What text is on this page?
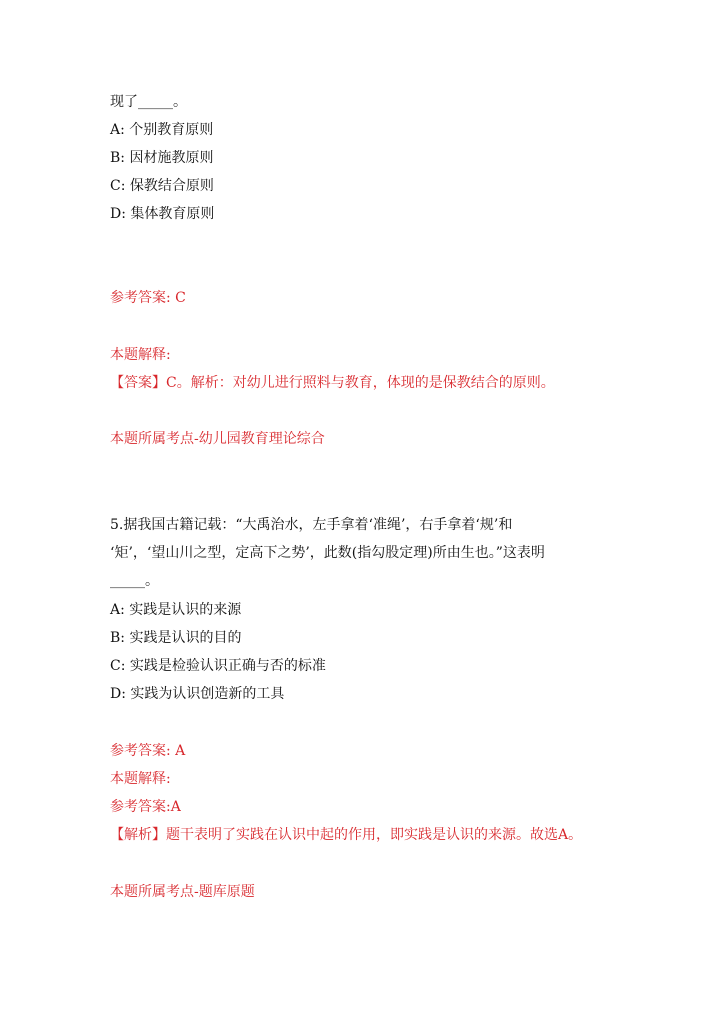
现了_____。
A: 个别教育原则
B: 因材施教原则
C: 保教结合原则
D: 集体教育原则
参考答案: C
本题解释:
【答案】C。解析：对幼儿进行照料与教育，体现的是保教结合的原则。
本题所属考点-幼儿园教育理论综合
5.据我国古籍记载：“大禹治水，左手拿着‘准绳’，右手拿着‘规’和
‘矩’，‘望山川之型，定高下之势’，此数(指勾股定理)所由生也。”这表明
_____。
A: 实践是认识的来源
B: 实践是认识的目的
C: 实践是检验认识正确与否的标准
D: 实践为认识创造新的工具
参考答案: A
本题解释:
参考答案:A
【解析】题干表明了实践在认识中起的作用，即实践是认识的来源。故选A。
本题所属考点-题库原题
